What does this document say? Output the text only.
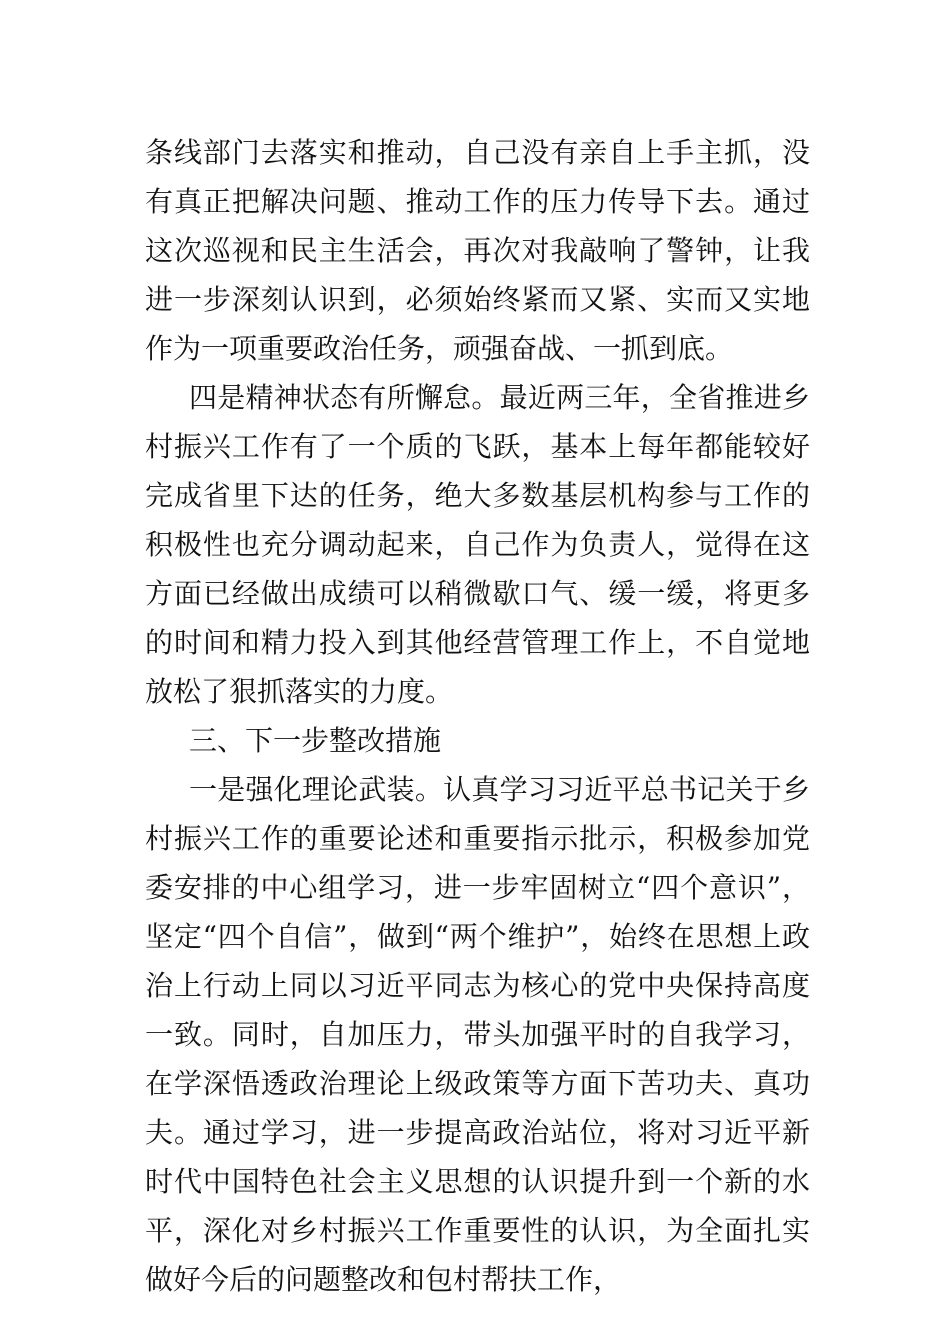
条线部门去落实和推动，自己没有亲自上手主抓，没有真正把解决问题、推动工作的压力传导下去。通过这次巡视和民主生活会，再次对我敲响了警钟，让我进一步深刻认识到，必须始终紧而又紧、实而又实地作为一项重要政治任务，顽强奋战、一抓到底。

四是精神状态有所懈怠。最近两三年，全省推进乡村振兴工作有了一个质的飞跃，基本上每年都能较好完成省里下达的任务，绝大多数基层机构参与工作的积极性也充分调动起来，自己作为负责人，觉得在这方面已经做出成绩可以稍微歇口气、缓一缓，将更多的时间和精力投入到其他经营管理工作上，不自觉地放松了狠抓落实的力度。

三、下一步整改措施

一是强化理论武装。认真学习习近平总书记关于乡村振兴工作的重要论述和重要指示批示，积极参加党委安排的中心组学习，进一步牢固树立“四个意识”，坚定“四个自信”，做到“两个维护”，始终在思想上政治上行动上同以习近平同志为核心的党中央保持高度一致。同时，自加压力，带头加强平时的自我学习，在学深悟透政治理论上级政策等方面下苦功夫、真功夫。通过学习，进一步提高政治站位，将对习近平新时代中国特色社会主义思想的认识提升到一个新的水平，深化对乡村振兴工作重要性的认识，为全面扎实做好今后的问题整改和包村帮扶工作，
